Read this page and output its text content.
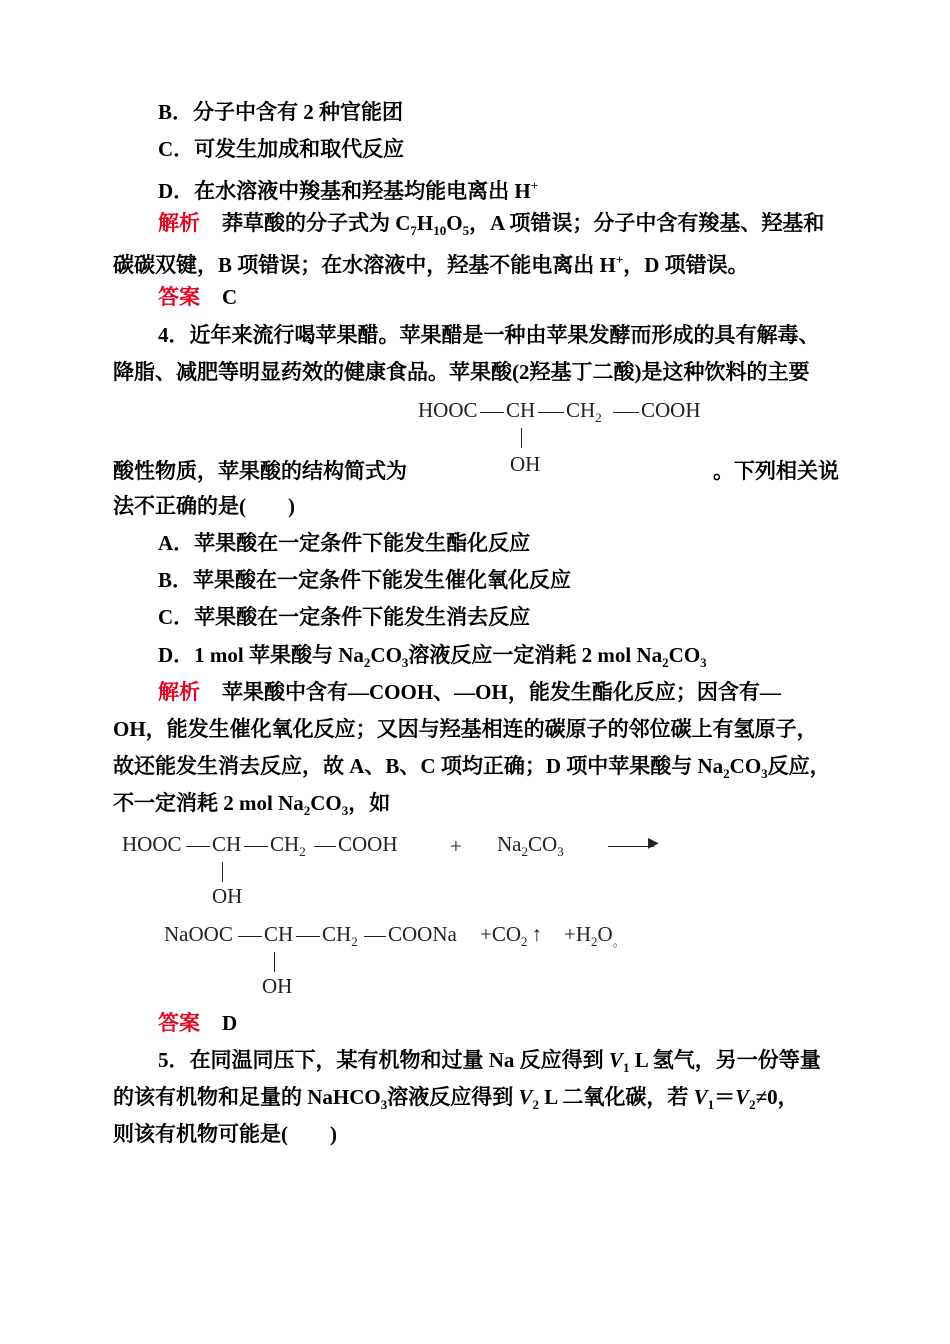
B．分子中含有 2 种官能团
C．可发生加成和取代反应
D．在水溶液中羧基和羟基均能电离出 H+
解析 莽草酸的分子式为 $C_7H_{10}O_5$，A 项错误；分子中含有羧基、羟基和
碳碳双键，B 项错误；在水溶液中，羟基不能电离出 H+，D 项错误。
答案 C
4．近年来流行喝苹果醋。苹果醋是一种由苹果发酵而形成的具有解毒、
降脂、减肥等明显药效的健康食品。苹果酸(2羟基丁二酸)是这种饮料的主要
HOOC CH $CH_2$ COOH
OH
酸性物质，苹果酸的结构简式为	。下列相关说
法不正确的是(　　)
A．苹果酸在一定条件下能发生酯化反应
B．苹果酸在一定条件下能发生催化氧化反应
C．苹果酸在一定条件下能发生消去反应
D．1 mol 苹果酸与 $Na_2CO_3$溶液反应一定消耗 2 mol $Na_2CO_3$
解析 苹果酸中含有—COOH、—OH，能发生酯化反应；因含有—
OH，能发生催化氧化反应；又因与羟基相连的碳原子的邻位碳上有氢原子，
故还能发生消去反应，故 A、B、C 项均正确；D 项中苹果酸与 $Na_2CO_3$反应，
不一定消耗 2 mol $Na_2CO_3$，如
HOOC CH $CH_2$ COOH
OH
+ $Na_2CO_3$
▶
NaOOC CH $CH_2$ COONa
OH
$+CO_2$ ↑ $+H_2O_。$
答案 D
5．在同温同压下，某有机物和过量 Na 反应得到 $V_1$ L 氢气，另一份等量
的该有机物和足量的 NaHCO$_3$溶液反应得到 $V_2$ L 二氧化碳，若 $V_1=V_2\ne 0$，
则该有机物可能是(　　)
